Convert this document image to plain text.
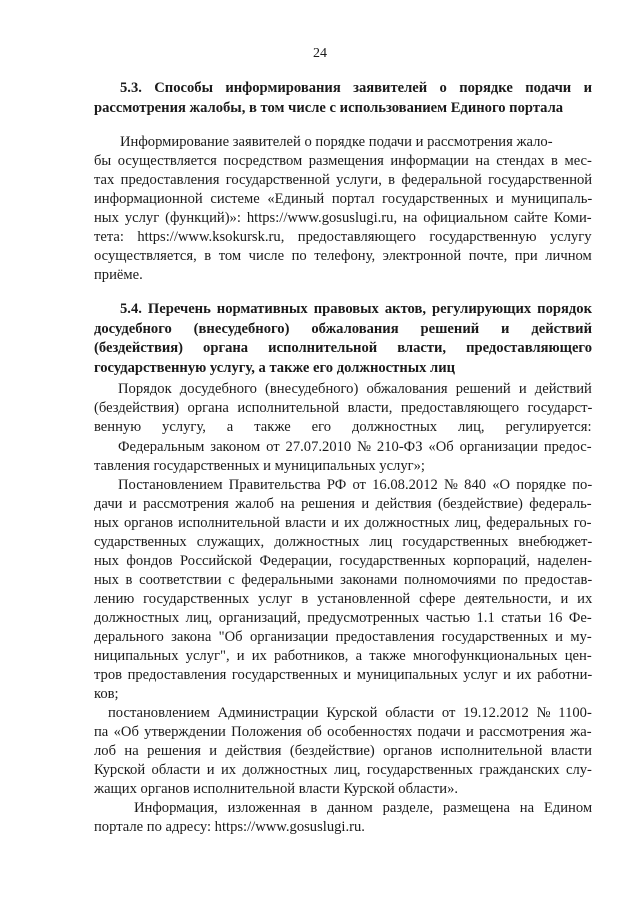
24
5.3. Способы информирования заявителей о порядке подачи и рассмотрения жалобы, в том числе с использованием Единого портала

Информирование заявителей о порядке подачи и рассмотрения жало-

бы осуществляется посредством размещения информации на стендах в мес-

тах предоставления государственной услуги, в федеральной государственной

информационной системе «Единый портал государственных и муниципаль-

ных услуг (функций)»: https://www.gosuslugi.ru, на официальном сайте Коми-

тета: https://www.ksokursk.ru, предоставляющего государственную услугу

осуществляется, в том числе по телефону, электронной почте, при личном

приёме.

5.4. Перечень нормативных правовых актов, регулирующих порядок досудебного (внесудебного) обжалования решений и действий (бездействия) органа исполнительной власти, предоставляющего государственную услугу, а также его должностных лиц

Порядок досудебного (внесудебного) обжалования решений и действий

(бездействия) органа исполнительной власти, предоставляющего государст-

венную услугу, а также его должностных лиц, регулируется:

Федеральным законом от 27.07.2010 № 210-ФЗ «Об организации предос-

тавления государственных и муниципальных услуг»;

Постановлением Правительства РФ от 16.08.2012 № 840 «О порядке по-

дачи и рассмотрения жалоб на решения и действия (бездействие) федераль-

ных органов исполнительной власти и их должностных лиц, федеральных го-

сударственных служащих, должностных лиц государственных внебюджет-

ных фондов Российской Федерации, государственных корпораций, наделен-

ных в соответствии с федеральными законами полномочиями по предостав-

лению государственных услуг в установленной сфере деятельности, и их

должностных лиц, организаций, предусмотренных частью 1.1 статьи 16 Фе-

дерального закона "Об организации предоставления государственных и му-

ниципальных услуг", и их работников, а также многофункциональных цен-

тров предоставления государственных и муниципальных услуг и их работни-

ков;

постановлением Администрации Курской области от 19.12.2012 № 1100-

па «Об утверждении Положения об особенностях подачи и рассмотрения жа-

лоб на решения и действия (бездействие) органов исполнительной власти

Курской области и их должностных лиц, государственных гражданских слу-

жащих органов исполнительной власти Курской области».

Информация, изложенная в данном разделе, размещена на Едином

портале по адресу: https://www.gosuslugi.ru.
